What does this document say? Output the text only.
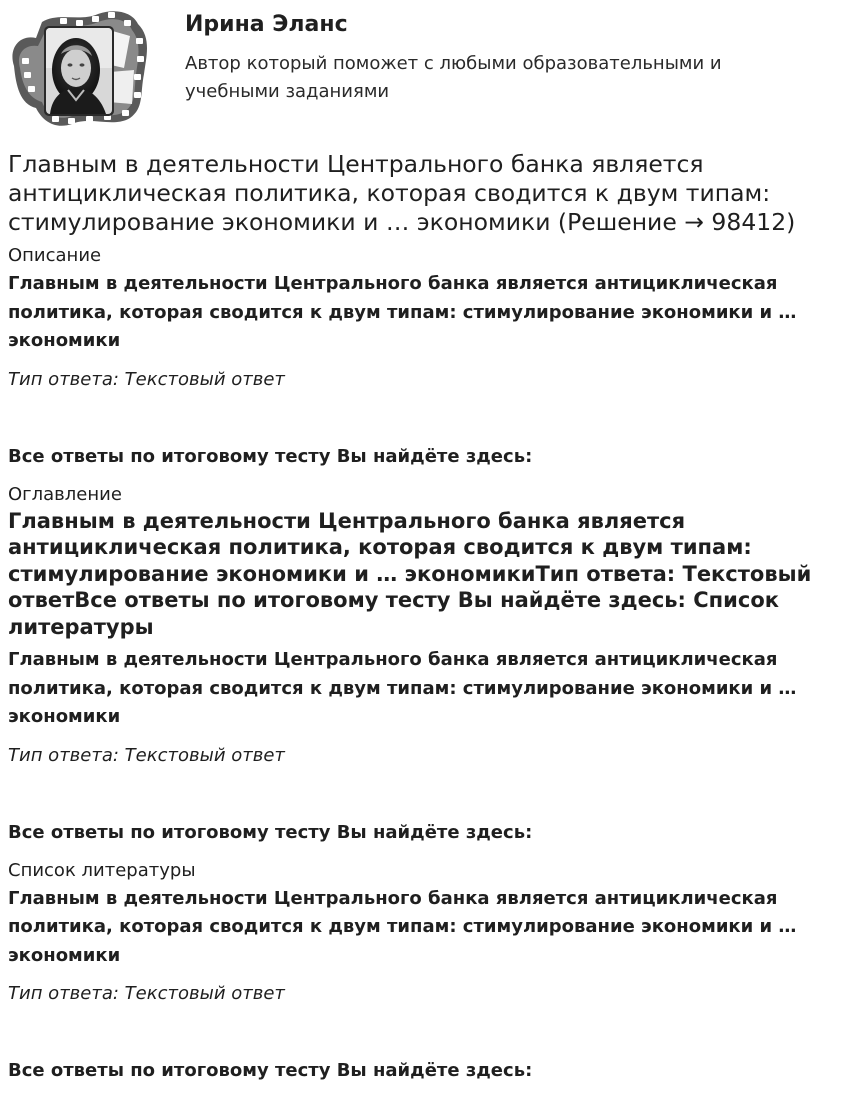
Ирина Эланс
Автор который поможет с любыми образовательными и учебными заданиями
Главным в деятельности Центрального банка является антициклическая политика, которая сводится к двум типам: стимулирование экономики и … экономики (Решение → 98412)
Описание
Главным в деятельности Центрального банка является антициклическая политика, которая сводится к двум типам: стимулирование экономики и … экономики
Тип ответа: Текстовый ответ
Все ответы по итоговому тесту Вы найдёте здесь:
Оглавление
Главным в деятельности Центрального банка является антициклическая политика, которая сводится к двум типам: стимулирование экономики и … экономикиТип ответа: Текстовый ответВсе ответы по итоговому тесту Вы найдёте здесь: Список литературы
Главным в деятельности Центрального банка является антициклическая политика, которая сводится к двум типам: стимулирование экономики и … экономики
Тип ответа: Текстовый ответ
Все ответы по итоговому тесту Вы найдёте здесь:
Список литературы
Главным в деятельности Центрального банка является антициклическая политика, которая сводится к двум типам: стимулирование экономики и … экономики
Тип ответа: Текстовый ответ
Все ответы по итоговому тесту Вы найдёте здесь:
